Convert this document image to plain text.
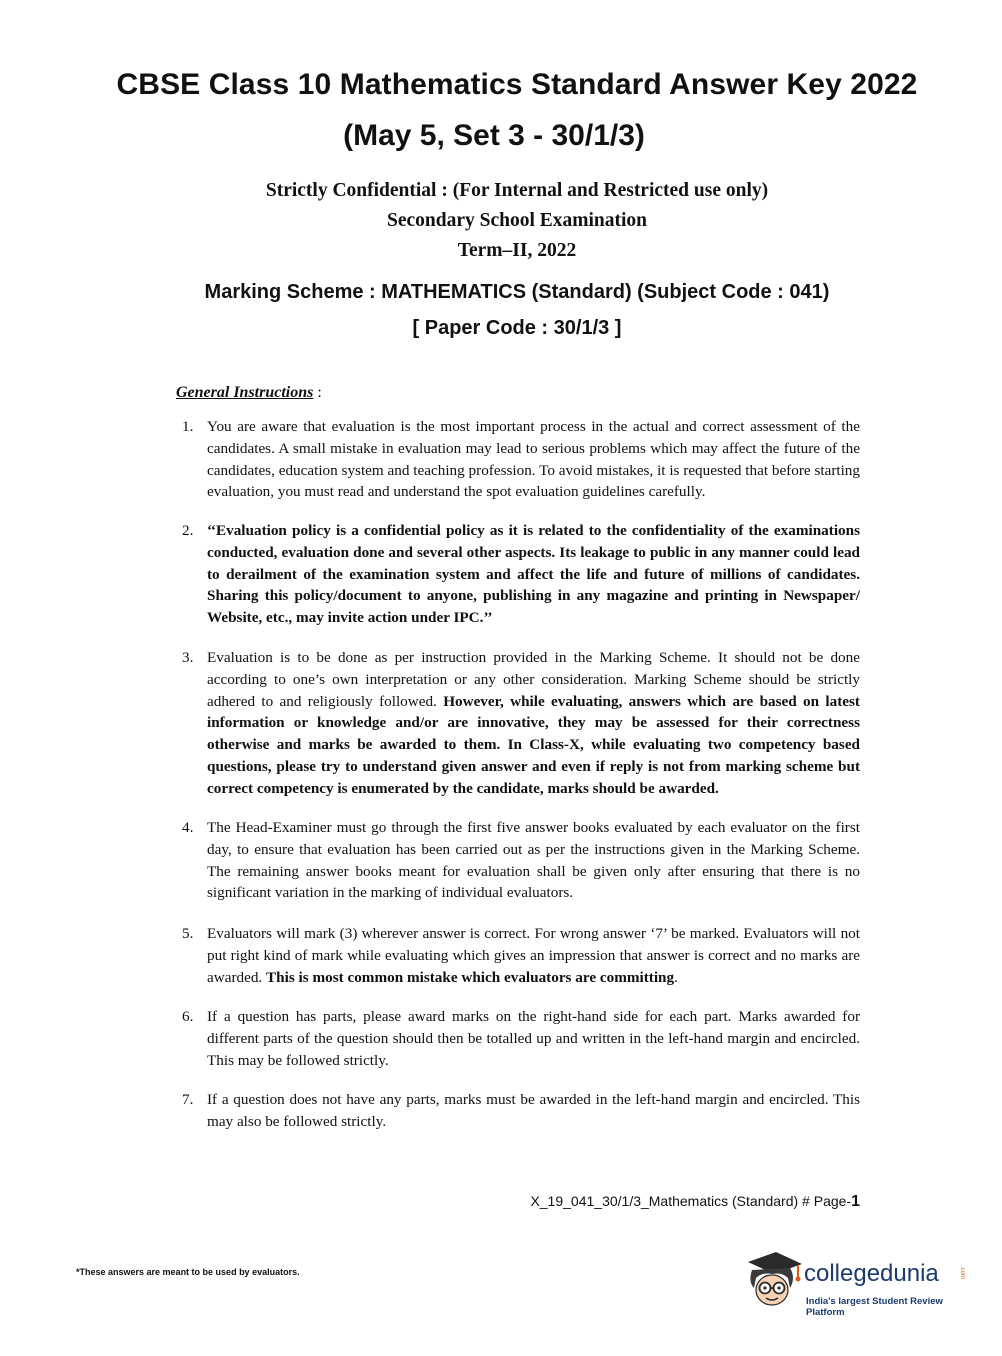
CBSE Class 10 Mathematics Standard Answer Key 2022
(May 5, Set 3 - 30/1/3)
Strictly Confidential : (For Internal and Restricted use only)
Secondary School Examination
Term–II, 2022
Marking Scheme : MATHEMATICS (Standard) (Subject Code : 041)
[ Paper Code : 30/1/3 ]
General Instructions :
1. You are aware that evaluation is the most important process in the actual and correct assessment of the candidates. A small mistake in evaluation may lead to serious problems which may affect the future of the candidates, education system and teaching profession. To avoid mistakes, it is requested that before starting evaluation, you must read and understand the spot evaluation guidelines carefully.
2. ‘‘Evaluation policy is a confidential policy as it is related to the confidentiality of the examinations conducted, evaluation done and several other aspects. Its leakage to public in any manner could lead to derailment of the examination system and affect the life and future of millions of candidates. Sharing this policy/document to anyone, publishing in any magazine and printing in Newspaper/ Website, etc., may invite action under IPC.’’
3. Evaluation is to be done as per instruction provided in the Marking Scheme. It should not be done according to one’s own interpretation or any other consideration. Marking Scheme should be strictly adhered to and religiously followed. However, while evaluating, answers which are based on latest information or knowledge and/or are innovative, they may be assessed for their correctness otherwise and marks be awarded to them. In Class-X, while evaluating two competency based questions, please try to understand given answer and even if reply is not from marking scheme but correct competency is enumerated by the candidate, marks should be awarded.
4. The Head-Examiner must go through the first five answer books evaluated by each evaluator on the first day, to ensure that evaluation has been carried out as per the instructions given in the Marking Scheme. The remaining answer books meant for evaluation shall be given only after ensuring that there is no significant variation in the marking of individual evaluators.
5. Evaluators will mark (3) wherever answer is correct. For wrong answer ‘7’ be marked. Evaluators will not put right kind of mark while evaluating which gives an impression that answer is correct and no marks are awarded. This is most common mistake which evaluators are committing.
6. If a question has parts, please award marks on the right-hand side for each part. Marks awarded for different parts of the question should then be totalled up and written in the left-hand margin and encircled. This may be followed strictly.
7. If a question does not have any parts, marks must be awarded in the left-hand margin and encircled. This may also be followed strictly.
X_19_041_30/1/3_Mathematics (Standard) # Page-1
*These answers are meant to be used by evaluators.	collegedunia	.com
India's largest Student Review Platform
